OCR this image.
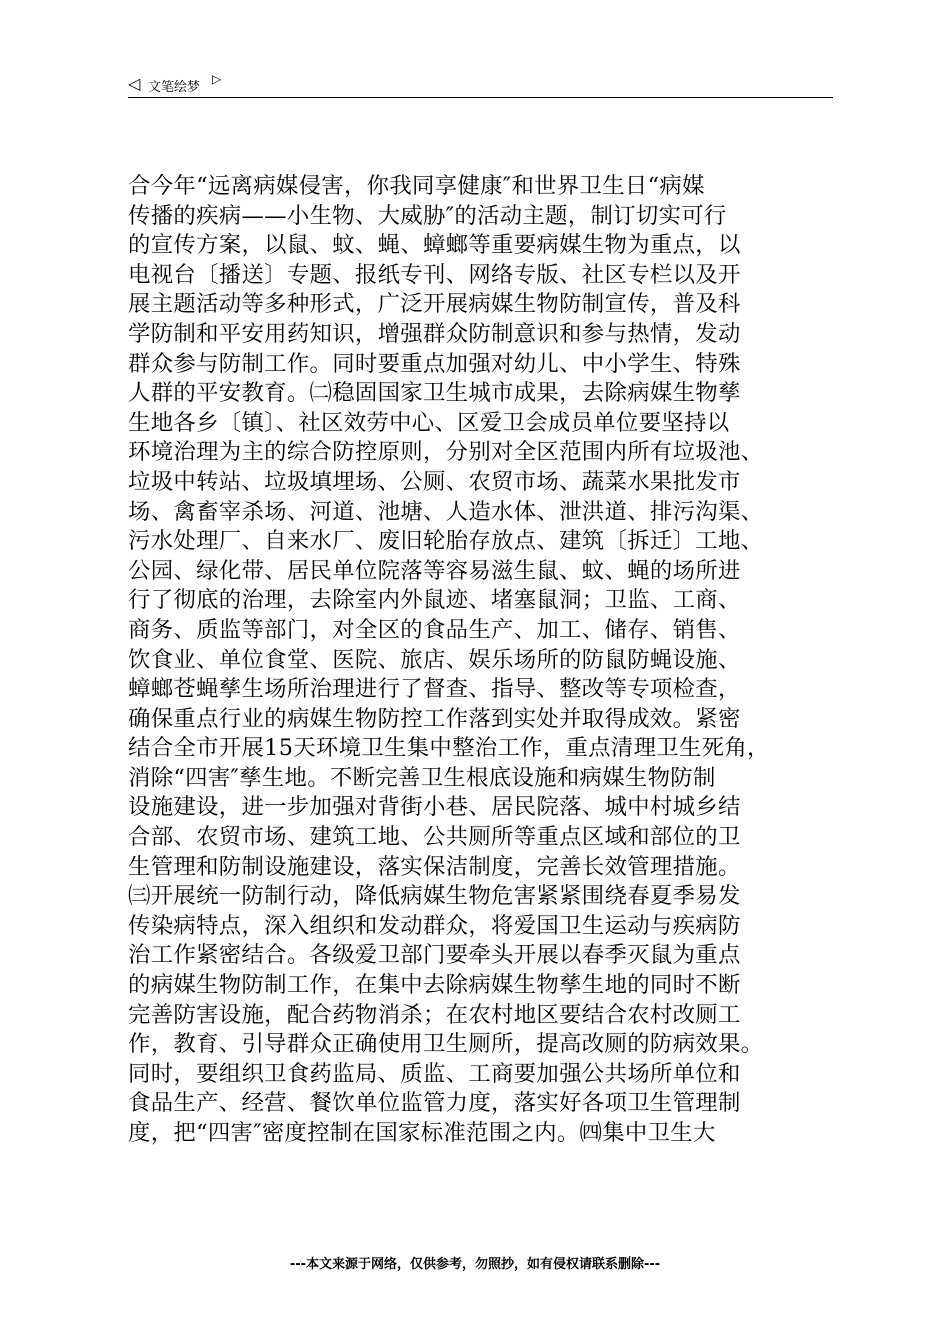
◁ 文笔绘梦
▷
合今年“远离病媒侵害，你我同享健康″和世界卫生日“病媒
传播的疾病——小生物、大威胁″的活动主题，制订切实可行
的宣传方案，以鼠、蚊、蝇、蟑螂等重要病媒生物为重点，以
电视台〔播送〕专题、报纸专刊、网络专版、社区专栏以及开
展主题活动等多种形式，广泛开展病媒生物防制宣传，普及科
学防制和平安用药知识，增强群众防制意识和参与热情，发动
群众参与防制工作。同时要重点加强对幼儿、中小学生、特殊
人群的平安教育。㈡稳固国家卫生城市成果，去除病媒生物孳
生地各乡〔镇〕、社区效劳中心、区爱卫会成员单位要坚持以
环境治理为主的综合防控原则，分别对全区范围内所有垃圾池、
垃圾中转站、垃圾填埋场、公厕、农贸市场、蔬菜水果批发市
场、禽畜宰杀场、河道、池塘、人造水体、泄洪道、排污沟渠、
污水处理厂、自来水厂、废旧轮胎存放点、建筑〔拆迁〕工地、
公园、绿化带、居民单位院落等容易滋生鼠、蚊、蝇的场所进
行了彻底的治理，去除室内外鼠迹、堵塞鼠洞；卫监、工商、
商务、质监等部门，对全区的食品生产、加工、储存、销售、
饮食业、单位食堂、医院、旅店、娱乐场所的防鼠防蝇设施、
蟑螂苍蝇孳生场所治理进行了督查、指导、整改等专项检查，
确保重点行业的病媒生物防控工作落到实处并取得成效。紧密
结合全市开展15天环境卫生集中整治工作，重点清理卫生死角，
消除“四害″孳生地。不断完善卫生根底设施和病媒生物防制
设施建设，进一步加强对背街小巷、居民院落、城中村城乡结
合部、农贸市场、建筑工地、公共厕所等重点区域和部位的卫
生管理和防制设施建设，落实保洁制度，完善长效管理措施。
㈢开展统一防制行动，降低病媒生物危害紧紧围绕春夏季易发
传染病特点，深入组织和发动群众，将爱国卫生运动与疾病防
治工作紧密结合。各级爱卫部门要牵头开展以春季灭鼠为重点
的病媒生物防制工作，在集中去除病媒生物孳生地的同时不断
完善防害设施，配合药物消杀；在农村地区要结合农村改厕工
作，教育、引导群众正确使用卫生厕所，提高改厕的防病效果。
同时，要组织卫食药监局、质监、工商要加强公共场所单位和
食品生产、经营、餐饮单位监管力度，落实好各项卫生管理制
度，把“四害″密度控制在国家标准范围之内。㈣集中卫生大
---本文来源于网络，仅供参考，勿照抄，如有侵权请联系删除---
